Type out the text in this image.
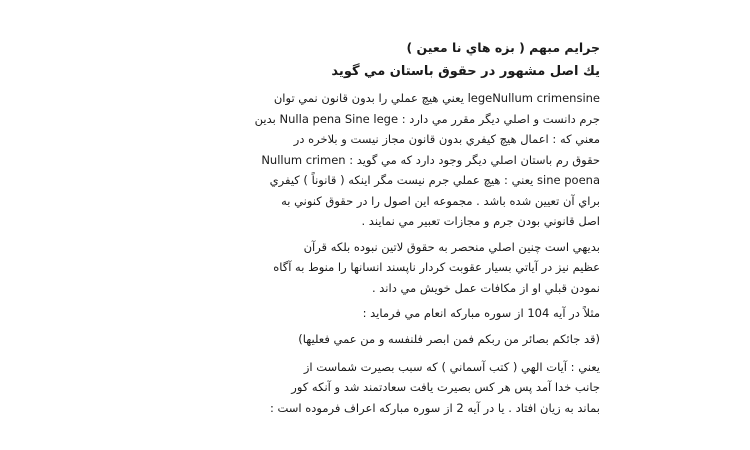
جرايم مبهم ( بزه هاي نا معين )
يك اصل مشهور در حقوق باستان مي گويد
legeNullum crimensine يعني هيچ عملي را بدون قانون نمي توان
جرم دانست و اصلي ديگر مقرر مي دارد : Nulla pena Sine lege بدين
معني كه : اعمال هيچ كيفري بدون قانون مجاز نيست و بلاخره در
حقوق رم باستان اصلي ديگر وجود دارد كه مي گويد : Nullum crimen
sine poena يعني : هيچ عملي جرم نيست مگر اينكه ( قانوناً ) كيفري
براي آن تعيين شده باشد . مجموعه اين اصول را در حقوق كنوني به
اصل قانوني بودن جرم و مجازات تعبير مي نمايند .
بديهي است چنين اصلي منحصر به حقوق لاتين نبوده بلكه قرآن
عظيم نيز در آياتي بسيار عقوبت كردار ناپسند انسانها را منوط به آگاه
نمودن قبلي او از مكافات عمل خويش مي داند .
مثلاً در آيه 104 از سوره مباركه انعام مي فرمايد :
(قد جائكم بصائر من ربكم فمن ابصر فلنفسه و من عمي فعليها)
يعني : آيات الهي ( كتب آسماني ) كه سبب بصيرت شماست از
جانب خدا آمد پس هر كس بصيرت يافت سعادتمند شد و آنكه كور
بماند به زيان افتاد . يا در آيه 2 از سوره مباركه اعراف فرموده است :
